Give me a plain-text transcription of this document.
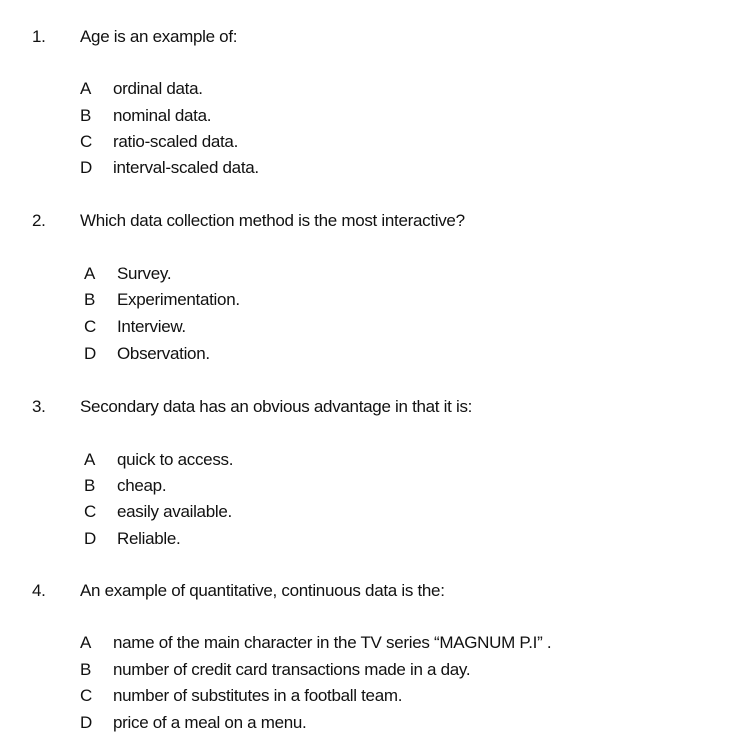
1. Age is an example of:
A ordinal data.
B nominal data.
C ratio-scaled data.
D interval-scaled data.
2. Which data collection method is the most interactive?
A Survey.
B Experimentation.
C Interview.
D Observation.
3. Secondary data has an obvious advantage in that it is:
A quick to access.
B cheap.
C easily available.
D Reliable.
4. An example of quantitative, continuous data is the:
A name of the main character in the TV series “MAGNUM P.I” .
B number of credit card transactions made in a day.
C number of substitutes in a football team.
D price of a meal on a menu.
